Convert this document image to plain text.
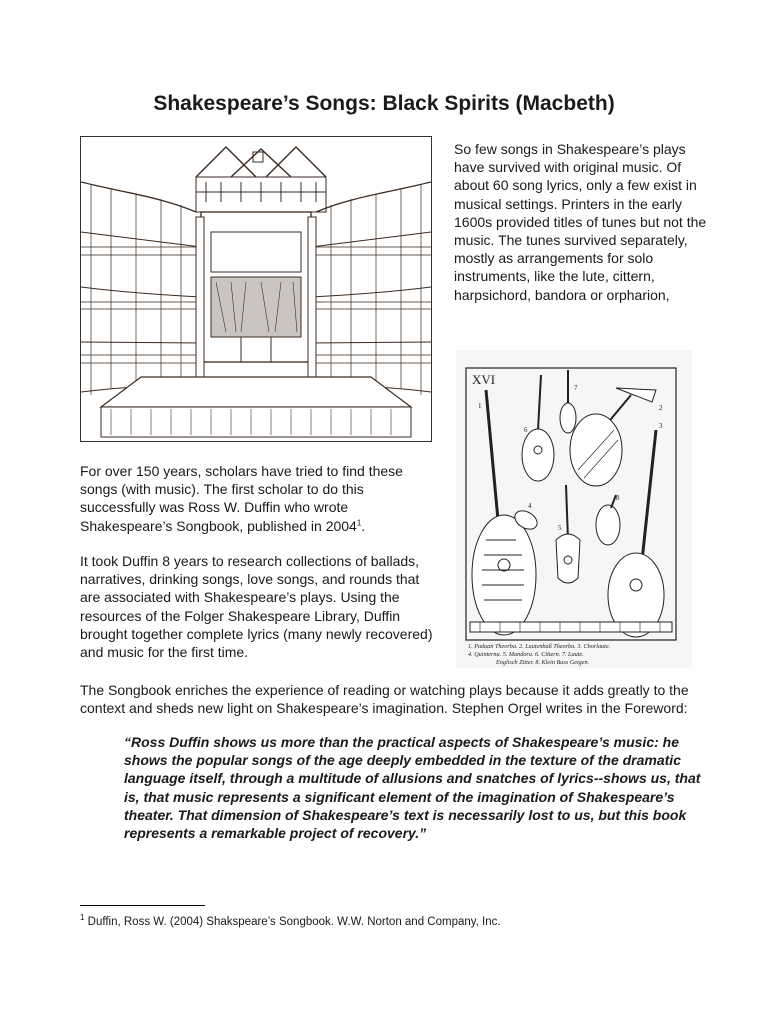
Shakespeare’s Songs: Black Spirits (Macbeth)

So few songs in Shakespeare’s plays have survived with original music. Of about 60 song lyrics, only a few exist in musical settings. Printers in the early 1600s provided titles of tunes but not the music. The tunes survived separately, mostly as arrangements for solo instruments, like the lute, cittern, harpsichord, bandora or orpharion,

XVI
1	2
3
4
5
6
7
8
1. Paduan Theorba. 2. Lautenbaß Theorba. 3. Chorlaute.
4. Quinterna. 5. Mandora. 6. Cittern. 7. Laute.
Englisch Zitter. 8. Klein Bass Geigen.

For over 150 years, scholars have tried to find these songs (with music). The first scholar to do this successfully was Ross W. Duffin who wrote Shakespeare’s Songbook, published in 2004$^1$.

It took Duffin 8 years to research collections of ballads, narratives, drinking songs, love songs, and rounds that are associated with Shakespeare’s plays. Using the resources of the Folger Shakespeare Library, Duffin brought together complete lyrics (many newly recovered) and music for the first time.

The Songbook enriches the experience of reading or watching plays because it adds greatly to the context and sheds new light on Shakespeare’s imagination. Stephen Orgel writes in the Foreword:

“Ross Duffin shows us more than the practical aspects of Shakespeare’s music: he shows the popular songs of the age deeply embedded in the texture of the dramatic language itself, through a multitude of allusions and snatches of lyrics--shows us, that is, that music represents a significant element of the imagination of Shakespeare’s theater. That dimension of Shakespeare’s text is necessarily lost to us, but this book represents a remarkable project of recovery.”

$^1$ Duffin, Ross W. (2004) Shakspeare’s Songbook. W.W. Norton and Company, Inc.
